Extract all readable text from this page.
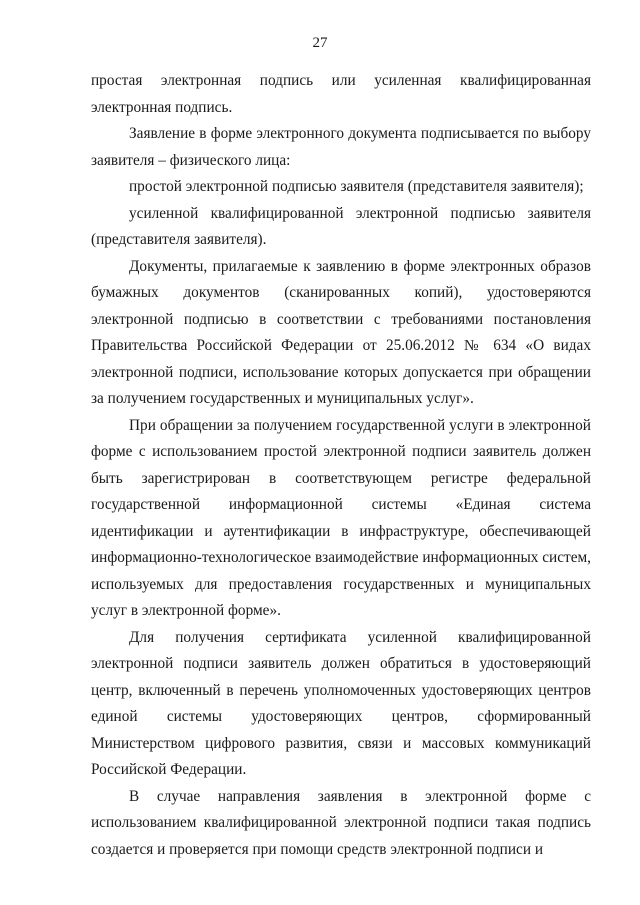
27

простая электронная подпись или усиленная квалифицированная электронная подпись.

Заявление в форме электронного документа подписывается по выбору заявителя – физического лица:

простой электронной подписью заявителя (представителя заявителя);

усиленной квалифицированной электронной подписью заявителя (представителя заявителя).

Документы, прилагаемые к заявлению в форме электронных образов бумажных документов (сканированных копий), удостоверяются электронной подписью в соответствии с требованиями постановления Правительства Российской Федерации от 25.06.2012 № 634 «О видах электронной подписи, использование которых допускается при обращении за получением государственных и муниципальных услуг».

При обращении за получением государственной услуги в электронной форме с использованием простой электронной подписи заявитель должен быть зарегистрирован в соответствующем регистре федеральной государственной информационной системы «Единая система идентификации и аутентификации в инфраструктуре, обеспечивающей информационно-технологическое взаимодействие информационных систем, используемых для предоставления государственных и муниципальных услуг в электронной форме».

Для получения сертификата усиленной квалифицированной электронной подписи заявитель должен обратиться в удостоверяющий центр, включенный в перечень уполномоченных удостоверяющих центров единой системы удостоверяющих центров, сформированный Министерством цифрового развития, связи и массовых коммуникаций Российской Федерации.

В случае направления заявления в электронной форме с использованием квалифицированной электронной подписи такая подпись создается и проверяется при помощи средств электронной подписи и
